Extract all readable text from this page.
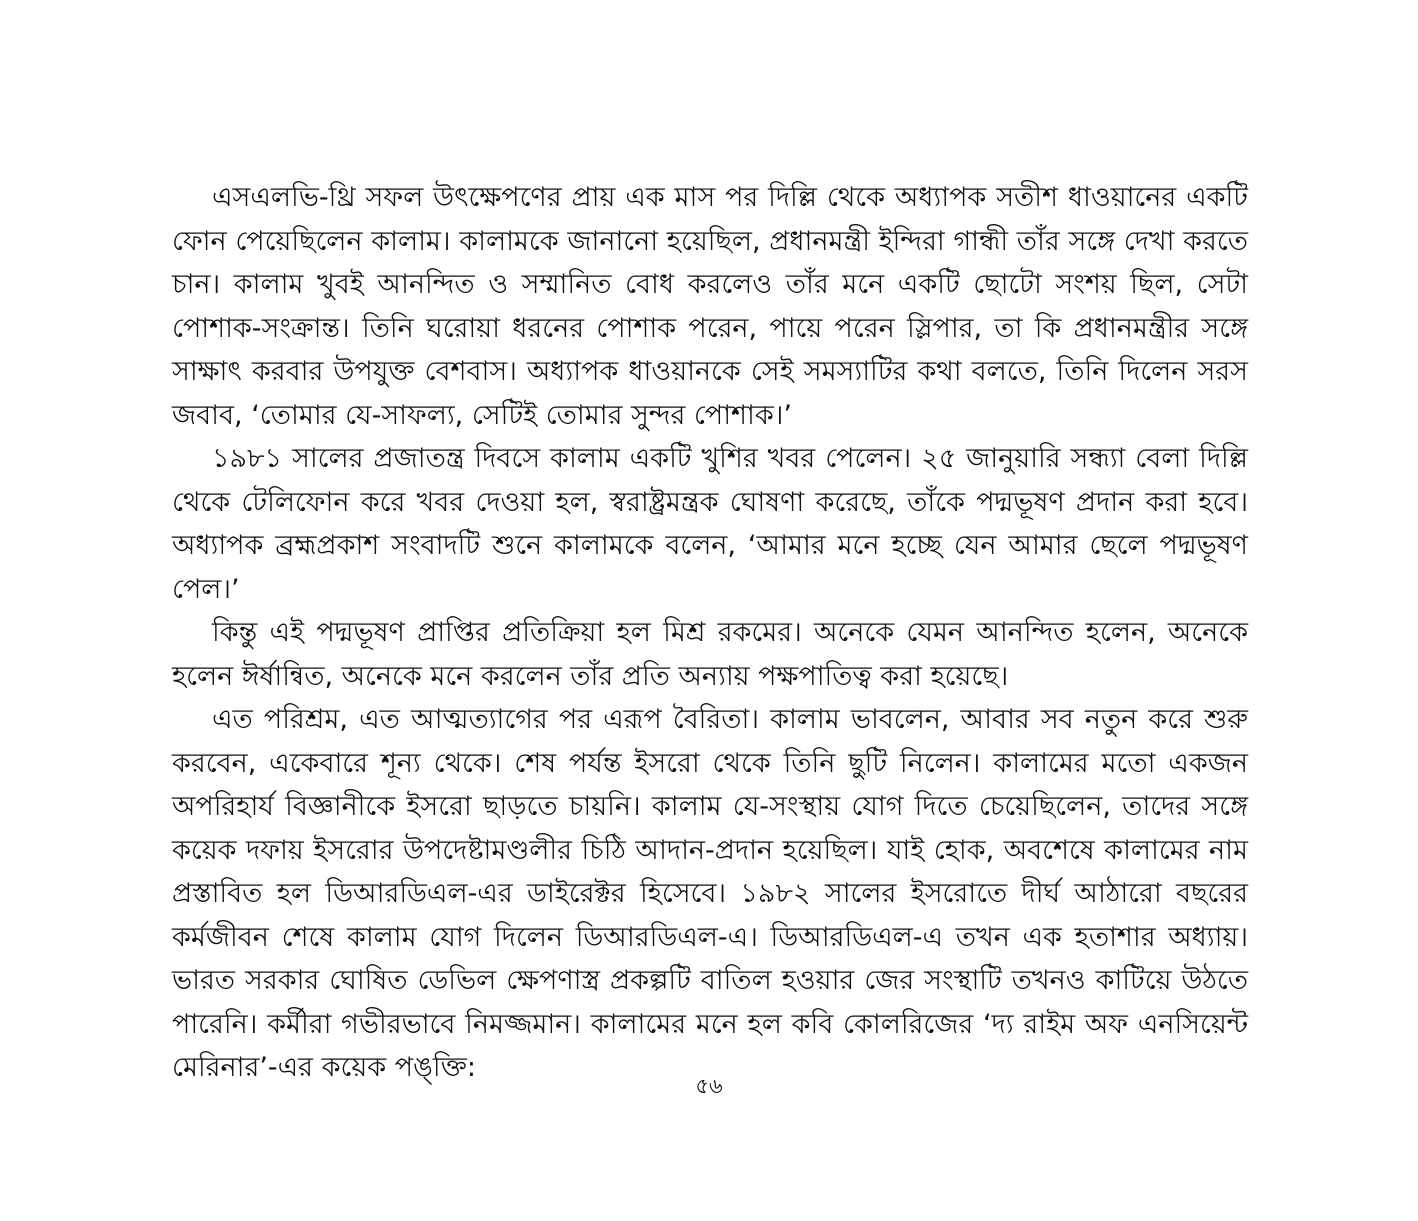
এসএলভি-থ্রি সফল উৎক্ষেপণের প্রায় এক মাস পর দিল্লি থেকে অধ্যাপক সতীশ ধাওয়ানের একটি ফোন পেয়েছিলেন কালাম। কালামকে জানানো হয়েছিল, প্রধানমন্ত্রী ইন্দিরা গান্ধী তাঁর সঙ্গে দেখা করতে চান। কালাম খুবই আনন্দিত ও সম্মানিত বোধ করলেও তাঁর মনে একটি ছোটো সংশয় ছিল, সেটা পোশাক-সংক্রান্ত। তিনি ঘরোয়া ধরনের পোশাক পরেন, পায়ে পরেন স্লিপার, তা কি প্রধানমন্ত্রীর সঙ্গে সাক্ষাৎ করবার উপযুক্ত বেশবাস। অধ্যাপক ধাওয়ানকে সেই সমস্যাটির কথা বলতে, তিনি দিলেন সরস জবাব, ‘তোমার যে-সাফল্য, সেটিই তোমার সুন্দর পোশাক।’

১৯৮১ সালের প্রজাতন্ত্র দিবসে কালাম একটি খুশির খবর পেলেন। ২৫ জানুয়ারি সন্ধ্যা বেলা দিল্লি থেকে টেলিফোন করে খবর দেওয়া হল, স্বরাষ্ট্রমন্ত্রক ঘোষণা করেছে, তাঁকে পদ্মভূষণ প্রদান করা হবে। অধ্যাপক ব্রহ্মপ্রকাশ সংবাদটি শুনে কালামকে বলেন, ‘আমার মনে হচ্ছে যেন আমার ছেলে পদ্মভূষণ পেল।’

কিন্তু এই পদ্মভূষণ প্রাপ্তির প্রতিক্রিয়া হল মিশ্র রকমের। অনেকে যেমন আনন্দিত হলেন, অনেকে হলেন ঈর্ষান্বিত, অনেকে মনে করলেন তাঁর প্রতি অন্যায় পক্ষপাতিত্ব করা হয়েছে।

এত পরিশ্রম, এত আত্মত্যাগের পর এরূপ বৈরিতা। কালাম ভাবলেন, আবার সব নতুন করে শুরু করবেন, একেবারে শূন্য থেকে। শেষ পর্যন্ত ইসরো থেকে তিনি ছুটি নিলেন। কালামের মতো একজন অপরিহার্য বিজ্ঞানীকে ইসরো ছাড়তে চায়নি। কালাম যে-সংস্থায় যোগ দিতে চেয়েছিলেন, তাদের সঙ্গে কয়েক দফায় ইসরোর উপদেষ্টামণ্ডলীর চিঠি আদান-প্রদান হয়েছিল। যাই হোক, অবশেষে কালামের নাম প্রস্তাবিত হল ডিআরডিএল-এর ডাইরেক্টর হিসেবে। ১৯৮২ সালের ইসরোতে দীর্ঘ আঠারো বছরের কর্মজীবন শেষে কালাম যোগ দিলেন ডিআরডিএল-এ। ডিআরডিএল-এ তখন এক হতাশার অধ্যায়। ভারত সরকার ঘোষিত ডেভিল ক্ষেপণাস্ত্র প্রকল্পটি বাতিল হওয়ার জের সংস্থাটি তখনও কাটিয়ে উঠতে পারেনি। কর্মীরা গভীরভাবে নিমজ্জমান। কালামের মনে হল কবি কোলরিজের ‘দ্য রাইম অফ এনসিয়েন্ট মেরিনার’-এর কয়েক পঙ্‌ক্তি:

৫৬
